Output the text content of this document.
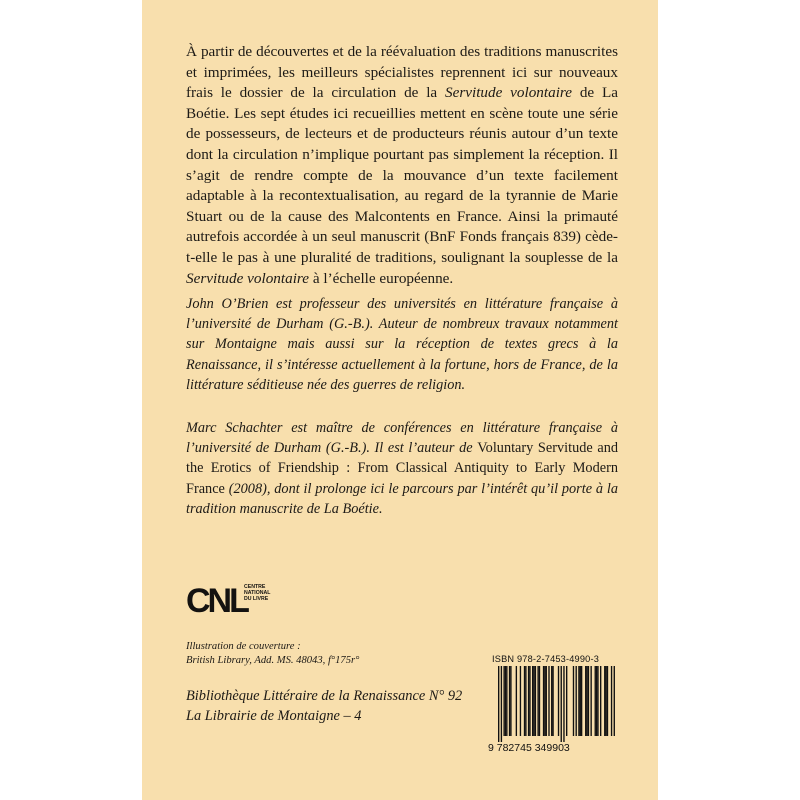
À partir de découvertes et de la réévaluation des traditions manuscrites et imprimées, les meilleurs spécialistes reprennent ici sur nouveaux frais le dossier de la circulation de la Servitude volontaire de La Boétie. Les sept études ici recueillies mettent en scène toute une série de possesseurs, de lecteurs et de producteurs réunis autour d’un texte dont la circulation n’implique pourtant pas simplement la réception. Il s’agit de rendre compte de la mouvance d’un texte facilement adaptable à la recontextualisation, au regard de la tyrannie de Marie Stuart ou de la cause des Malcontents en France. Ainsi la primauté autrefois accordée à un seul manuscrit (BnF Fonds français 839) cède-t-elle le pas à une pluralité de traditions, soulignant la souplesse de la Servitude volontaire à l’échelle européenne.
John O’Brien est professeur des universités en littérature française à l’université de Durham (G.-B.). Auteur de nombreux travaux notamment sur Montaigne mais aussi sur la réception de textes grecs à la Renaissance, il s’intéresse actuellement à la fortune, hors de France, de la littérature séditieuse née des guerres de religion.
Marc Schachter est maître de conférences en littérature française à l’université de Durham (G.-B.). Il est l’auteur de Voluntary Servitude and the Erotics of Friendship : From Classical Antiquity to Early Modern France (2008), dont il prolonge ici le parcours par l’intérêt qu’il porte à la tradition manuscrite de La Boétie.
CNL
CENTRE
NATIONAL
DU LIVRE
Illustration de couverture :
British Library, Add. MS. 48043, f°175r°
Bibliothèque Littéraire de la Renaissance N° 92
La Librairie de Montaigne – 4
ISBN 978-2-7453-4990-3
9 782745 349903
